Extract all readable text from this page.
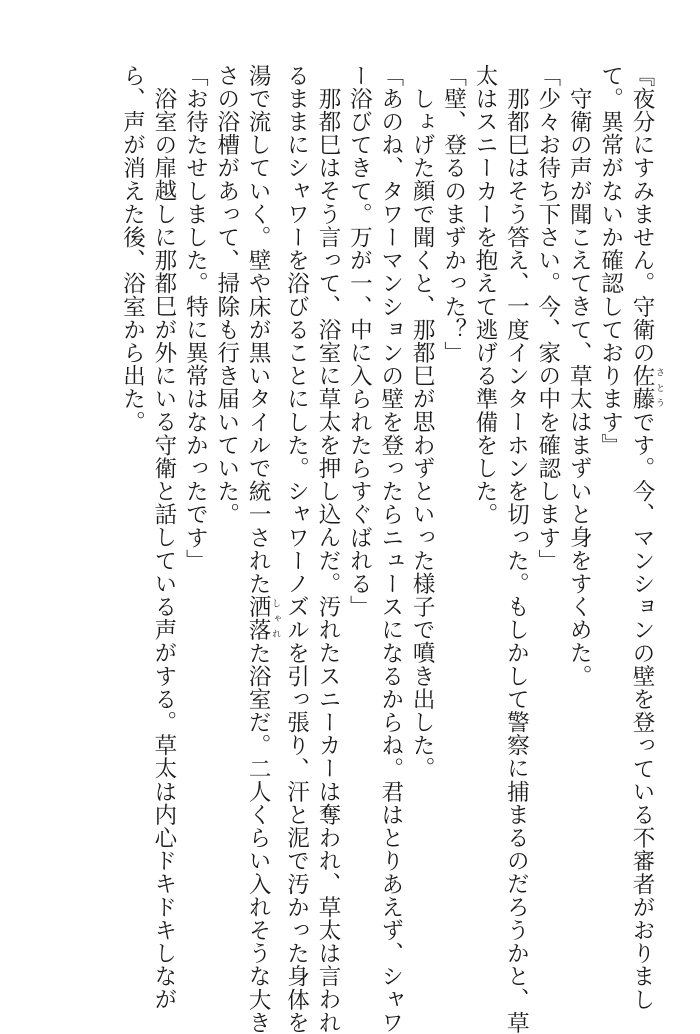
『夜分にすみません。守衛の佐藤 さとうです。今、マンションの壁を登っている不審者がおりまし
て。異常がないか確認しております』
守衛の声が聞こえてきて、草太はまずいと身をすくめた。
「少々お待ち下さい。今、家の中を確認します」
那都巳はそう答え、一度インターホンを切った。もしかして警察に捕まるのだろうかと、草
太はスニーカーを抱えて逃げる準備をした。
「壁、登るのまずかった？」
しょげた顔で聞くと、那都巳が思わずといった様子で噴き出した。
「あのね、タワーマンションの壁を登ったらニュースになるからね。君はとりあえず、シャワ
ー浴びてきて。万が一、中に入られたらすぐばれる」
那都巳はそう言って、浴室に草太を押し込んだ。汚れたスニーカーは奪われ、草太は言われ
るままにシャワーを浴びることにした。シャワーノズルを引っ張り、汗と泥で汚かった身体を
湯で流していく。壁や床が黒いタイルで統一された洒落 しゃれた浴室だ。二人くらい入れそうな大き
さの浴槽があって、掃除も行き届いていた。
「お待たせしました。特に異常はなかったです」
浴室の扉越しに那都巳が外にいる守衛と話している声がする。草太は内心ドキドキしなが
ら、声が消えた後、浴室から出た。
